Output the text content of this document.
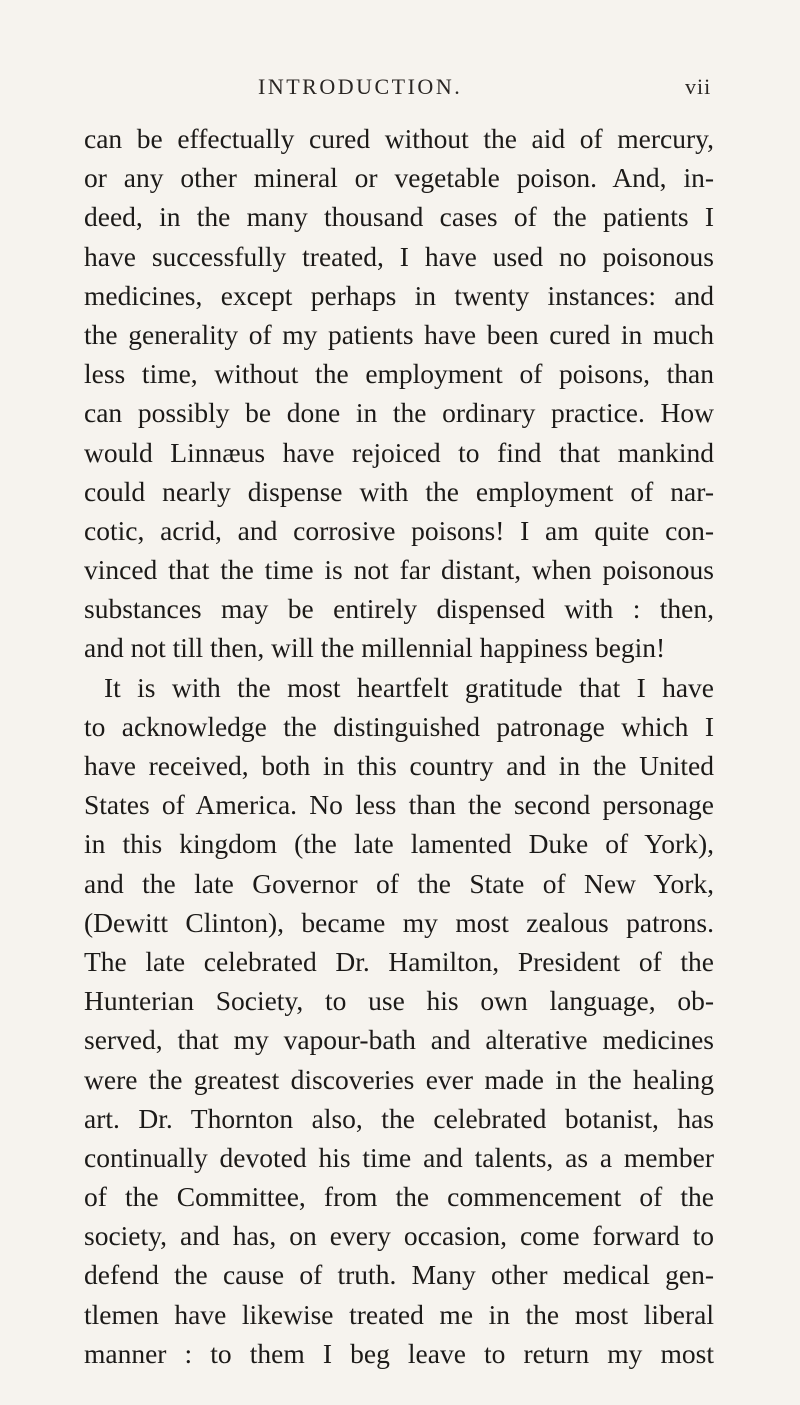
INTRODUCTION.	vii
can be effectually cured without the aid of mercury,
or any other mineral or vegetable poison. And, in-
deed, in the many thousand cases of the patients I
have successfully treated, I have used no poisonous
medicines, except perhaps in twenty instances: and
the generality of my patients have been cured in much
less time, without the employment of poisons, than
can possibly be done in the ordinary practice. How
would Linnæus have rejoiced to find that mankind
could nearly dispense with the employment of nar-
cotic, acrid, and corrosive poisons! I am quite con-
vinced that the time is not far distant, when poisonous
substances may be entirely dispensed with : then,
and not till then, will the millennial happiness begin!
It is with the most heartfelt gratitude that I have
to acknowledge the distinguished patronage which I
have received, both in this country and in the United
States of America. No less than the second personage
in this kingdom (the late lamented Duke of York),
and the late Governor of the State of New York,
(Dewitt Clinton), became my most zealous patrons.
The late celebrated Dr. Hamilton, President of the
Hunterian Society, to use his own language, ob-
served, that my vapour-bath and alterative medicines
were the greatest discoveries ever made in the healing
art. Dr. Thornton also, the celebrated botanist, has
continually devoted his time and talents, as a member
of the Committee, from the commencement of the
society, and has, on every occasion, come forward to
defend the cause of truth. Many other medical gen-
tlemen have likewise treated me in the most liberal
manner : to them I beg leave to return my most
